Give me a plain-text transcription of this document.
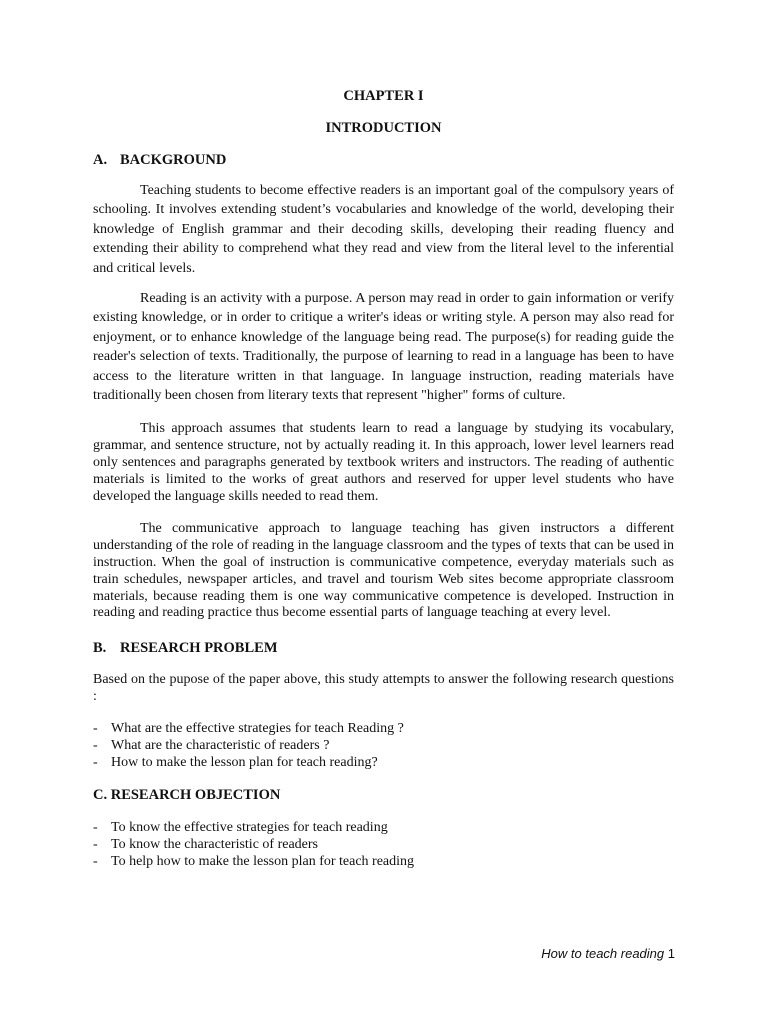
CHAPTER I

INTRODUCTION

A. BACKGROUND

Teaching students to become effective readers is an important goal of the compulsory years of schooling. It involves extending student’s vocabularies and knowledge of the world, developing their knowledge of English grammar and their decoding skills, developing their reading fluency and extending their ability to comprehend what they read and view from the literal level to the inferential and critical levels.

Reading is an activity with a purpose. A person may read in order to gain information or verify existing knowledge, or in order to critique a writer's ideas or writing style. A person may also read for enjoyment, or to enhance knowledge of the language being read. The purpose(s) for reading guide the reader's selection of texts. Traditionally, the purpose of learning to read in a language has been to have access to the literature written in that language. In language instruction, reading materials have traditionally been chosen from literary texts that represent "higher" forms of culture.

This approach assumes that students learn to read a language by studying its vocabulary, grammar, and sentence structure, not by actually reading it. In this approach, lower level learners read only sentences and paragraphs generated by textbook writers and instructors. The reading of authentic materials is limited to the works of great authors and reserved for upper level students who have developed the language skills needed to read them.

The communicative approach to language teaching has given instructors a different understanding of the role of reading in the language classroom and the types of texts that can be used in instruction. When the goal of instruction is communicative competence, everyday materials such as train schedules, newspaper articles, and travel and tourism Web sites become appropriate classroom materials, because reading them is one way communicative competence is developed. Instruction in reading and reading practice thus become essential parts of language teaching at every level.

B. RESEARCH PROBLEM

Based on the pupose of the paper above, this study attempts to answer the following research questions :

- What are the effective strategies for teach Reading ?
- What are the characteristic of readers ?
- How to make the lesson plan for teach reading?

C. RESEARCH OBJECTION

- To know the effective strategies for teach reading
- To know the characteristic of readers
- To help how to make the lesson plan for teach reading
How to teach reading 1
